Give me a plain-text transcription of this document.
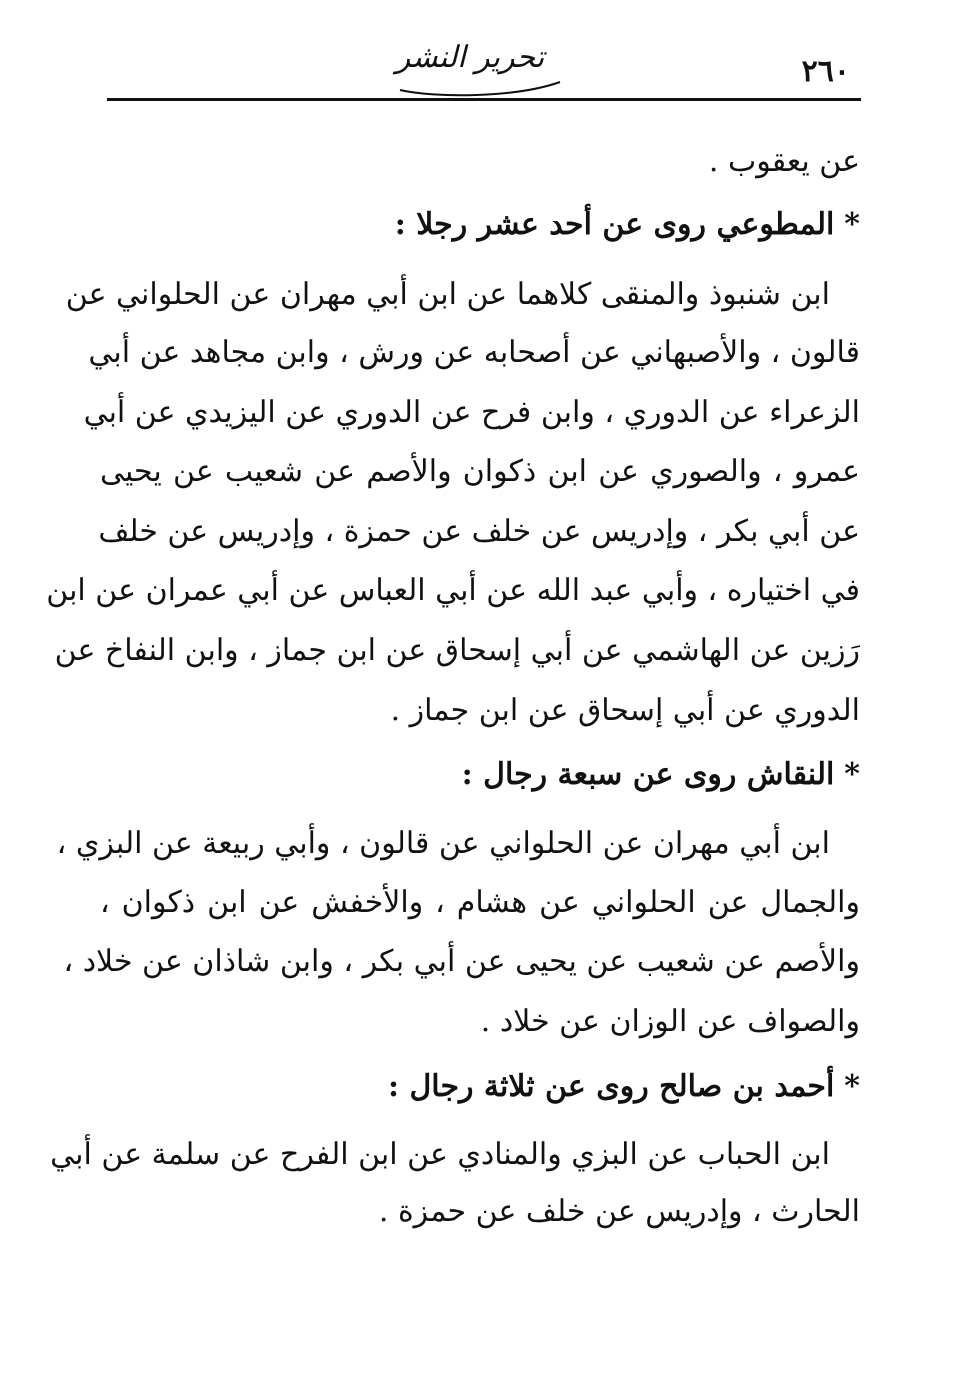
٢٦٠
تحرير النشر
عن يعقوب .
*المطوعي روى عن أحد عشر رجلا :
ابن شنبوذ والمنقى كلاهما عن ابن أبي مهران عن الحلواني عن
قالون ، والأصبهاني عن أصحابه عن ورش ، وابن مجاهد عن أبي
الزعراء عن الدوري ، وابن فرح عن الدوري عن اليزيدي عن أبي
عمرو ، والصوري عن ابن ذكوان والأصم عن شعيب عن يحيى
عن أبي بكر ، وإدريس عن خلف عن حمزة ، وإدريس عن خلف
في اختياره ، وأبي عبد الله عن أبي العباس عن أبي عمران عن ابن
رَزين عن الهاشمي عن أبي إسحاق عن ابن جماز ، وابن النفاخ عن
الدوري عن أبي إسحاق عن ابن جماز .
*النقاش روى عن سبعة رجال :
ابن أبي مهران عن الحلواني عن قالون ، وأبي ربيعة عن البزي ،
والجمال عن الحلواني عن هشام ، والأخفش عن ابن ذكوان ،
والأصم عن شعيب عن يحيى عن أبي بكر ، وابن شاذان عن خلاد ،
والصواف عن الوزان عن خلاد .
*أحمد بن صالح روى عن ثلاثة رجال :
ابن الحباب عن البزي والمنادي عن ابن الفرح عن سلمة عن أبي
الحارث ، وإدريس عن خلف عن حمزة .
